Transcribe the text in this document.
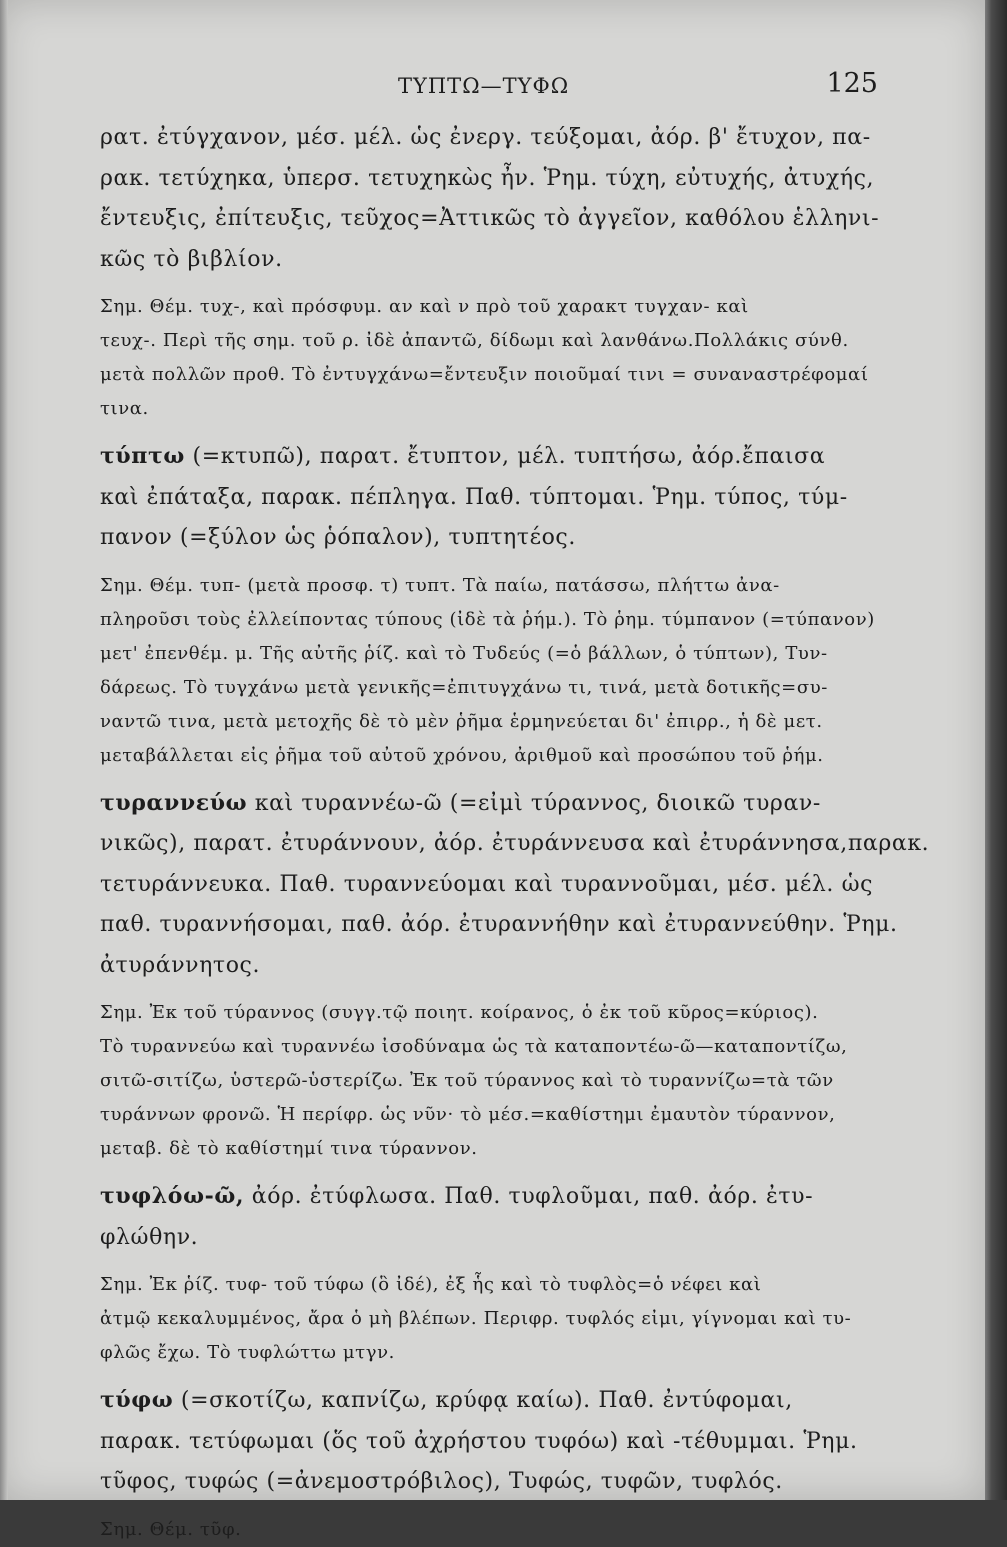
ΤΥΠΤΩ—ΤΥΦΩ	125

ρατ. ἐτύγχανον, μέσ. μέλ. ὡς ἐνεργ. τεύξομαι, ἀόρ. β' ἔτυχον, πα-
ρακ. τετύχηκα, ὑπερσ. τετυχηκὼς ἦν. Ῥημ. τύχη, εὐτυχής, ἀτυχής,
ἔντευξις, ἐπίτευξις, τεῦχος=Ἀττικῶς τὸ ἀγγεῖον, καθόλου ἑλληνι-
κῶς τὸ βιβλίον.

Σημ. Θέμ. τυχ-, καὶ πρόσφυμ. αν καὶ ν πρὸ τοῦ χαρακτ τυγχαν- καὶ
τευχ-. Περὶ τῆς σημ. τοῦ ρ. ἰδὲ ἀπαντῶ, δίδωμι καὶ λανθάνω.Πολλάκις σύνθ.
μετὰ πολλῶν προθ. Τὸ ἐντυγχάνω=ἔντευξιν ποιοῦμαί τινι = συναναστρέφομαί
τινα.

τύπτω (=κτυπῶ), παρατ. ἔτυπτον, μέλ. τυπτήσω, ἀόρ.ἔπαισα
καὶ ἐπάταξα, παρακ. πέπληγα. Παθ. τύπτομαι. Ῥημ. τύπος, τύμ-
πανον (=ξύλον ὡς ῥόπαλον), τυπτητέος.

Σημ. Θέμ. τυπ- (μετὰ προσφ. τ) τυπτ. Τὰ παίω, πατάσσω, πλήττω ἀνα-
πληροῦσι τοὺς ἐλλείποντας τύπους (ἰδὲ τὰ ῥήμ.). Τὸ ῥημ. τύμπανον (=τύπανον)
μετ' ἐπενθέμ. μ. Τῆς αὐτῆς ῥίζ. καὶ τὸ Τυδεύς (=ὁ βάλλων, ὁ τύπτων), Τυν-
δάρεως. Τὸ τυγχάνω μετὰ γενικῆς=ἐπιτυγχάνω τι, τινά, μετὰ δοτικῆς=συ-
ναντῶ τινα, μετὰ μετοχῆς δὲ τὸ μὲν ῥῆμα ἑρμηνεύεται δι' ἐπιρρ., ἡ δὲ μετ.
μεταβάλλεται εἰς ῥῆμα τοῦ αὐτοῦ χρόνου, ἀριθμοῦ καὶ προσώπου τοῦ ῥήμ.

τυραννεύω καὶ τυραννέω-ῶ (=εἰμὶ τύραννος, διοικῶ τυραν-
νικῶς), παρατ. ἐτυράννουν, ἀόρ. ἐτυράννευσα καὶ ἐτυράννησα,παρακ.
τετυράννευκα. Παθ. τυραννεύομαι καὶ τυραννοῦμαι, μέσ. μέλ. ὡς
παθ. τυραννήσομαι, παθ. ἀόρ. ἐτυραννήθην καὶ ἐτυραννεύθην. Ῥημ.
ἀτυράννητος.

Σημ. Ἐκ τοῦ τύραννος (συγγ.τῷ ποιητ. κοίρανος, ὁ ἐκ τοῦ κῦρος=κύριος).
Τὸ τυραννεύω καὶ τυραννέω ἰσοδύναμα ὡς τὰ καταποντέω-ῶ—καταποντίζω,
σιτῶ-σιτίζω, ὑστερῶ-ὑστερίζω. Ἐκ τοῦ τύραννος καὶ τὸ τυραννίζω=τὰ τῶν
τυράννων φρονῶ. Ἡ περίφρ. ὡς νῦν· τὸ μέσ.=καθίστημι ἐμαυτὸν τύραννον,
μεταβ. δὲ τὸ καθίστημί τινα τύραννον.

τυφλόω-ῶ, ἀόρ. ἐτύφλωσα. Παθ. τυφλοῦμαι, παθ. ἀόρ. ἐτυ-
φλώθην.

Σημ. Ἐκ ῥίζ. τυφ- τοῦ τύφω (ὃ ἰδέ), ἐξ ἧς καὶ τὸ τυφλὸς=ὁ νέφει καὶ
ἀτμῷ κεκαλυμμένος, ἄρα ὁ μὴ βλέπων. Περιφρ. τυφλός εἰμι, γίγνομαι καὶ τυ-
φλῶς ἔχω. Τὸ τυφλώττω μτγν.

τύφω (=σκοτίζω, καπνίζω, κρύφᾳ καίω). Παθ. ἐντύφομαι,
παρακ. τετύφωμαι (ὅς τοῦ ἀχρήστου τυφόω) καὶ -τέθυμμαι. Ῥημ.
τῦφος, τυφώς (=ἀνεμοστρόβιλος), Τυφώς, τυφῶν, τυφλός.

Σημ. Θέμ. τῦφ.
